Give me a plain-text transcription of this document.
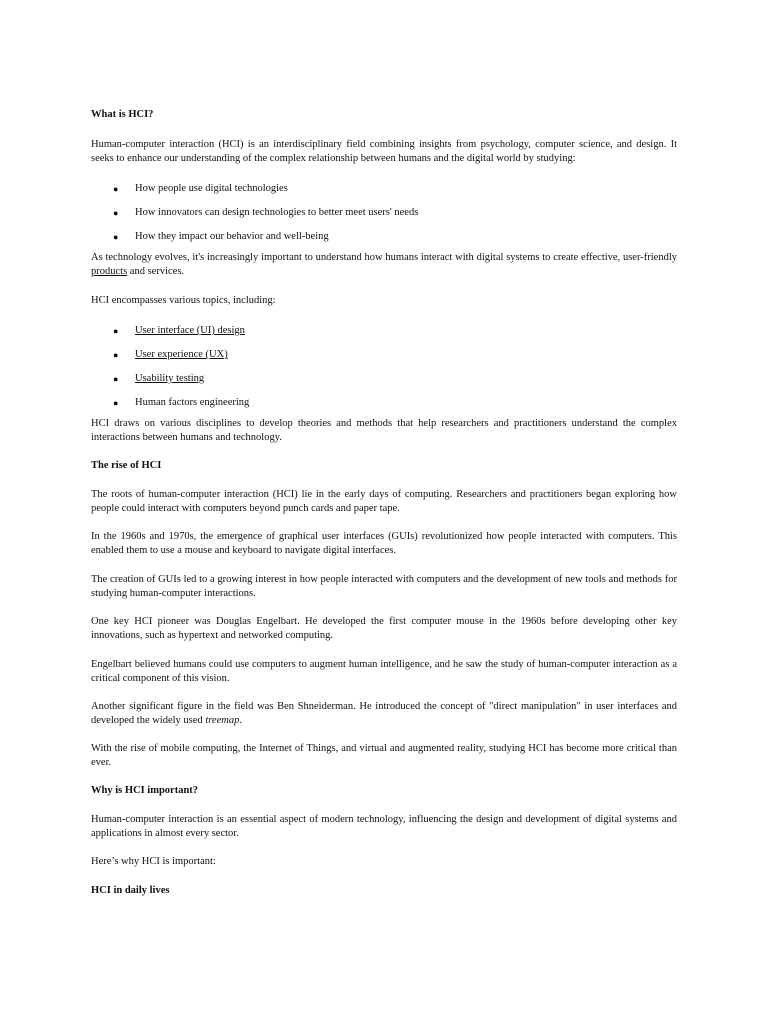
What is HCI?

Human-computer interaction (HCI) is an interdisciplinary field combining insights from psychology, computer science, and design. It seeks to enhance our understanding of the complex relationship between humans and the digital world by studying:

● How people use digital technologies
● How innovators can design technologies to better meet users' needs
● How they impact our behavior and well-being

As technology evolves, it's increasingly important to understand how humans interact with digital systems to create effective, user-friendly products and services.

HCI encompasses various topics, including:

● User interface (UI) design
● User experience (UX)
● Usability testing
● Human factors engineering

HCI draws on various disciplines to develop theories and methods that help researchers and practitioners understand the complex interactions between humans and technology.

The rise of HCI

The roots of human-computer interaction (HCI) lie in the early days of computing. Researchers and practitioners began exploring how people could interact with computers beyond punch cards and paper tape.

In the 1960s and 1970s, the emergence of graphical user interfaces (GUIs) revolutionized how people interacted with computers. This enabled them to use a mouse and keyboard to navigate digital interfaces.

The creation of GUIs led to a growing interest in how people interacted with computers and the development of new tools and methods for studying human-computer interactions.

One key HCI pioneer was Douglas Engelbart. He developed the first computer mouse in the 1960s before developing other key innovations, such as hypertext and networked computing.

Engelbart believed humans could use computers to augment human intelligence, and he saw the study of human-computer interaction as a critical component of this vision.

Another significant figure in the field was Ben Shneiderman. He introduced the concept of "direct manipulation" in user interfaces and developed the widely used treemap.

With the rise of mobile computing, the Internet of Things, and virtual and augmented reality, studying HCI has become more critical than ever.

Why is HCI important?

Human-computer interaction is an essential aspect of modern technology, influencing the design and development of digital systems and applications in almost every sector.

Here’s why HCI is important:

HCI in daily lives
